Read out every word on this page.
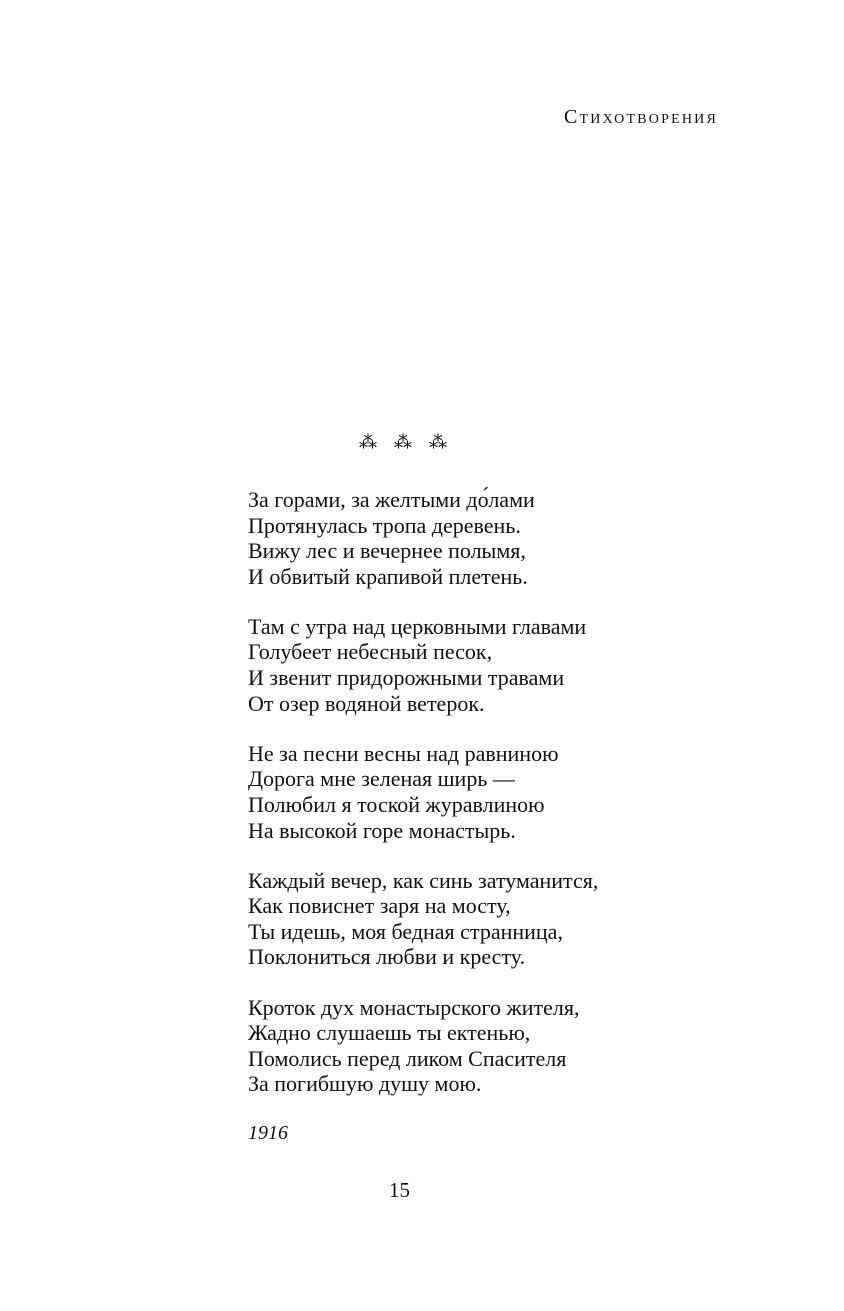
Стихотворения
⁂ ⁂ ⁂
За горами, за желтыми до́лами
Протянулась тропа деревень.
Вижу лес и вечернее полымя,
И обвитый крапивой плетень.
Там с утра над церковными главами
Голубеет небесный песок,
И звенит придорожными травами
От озер водяной ветерок.
Не за песни весны над равниною
Дорога мне зеленая ширь —
Полюбил я тоской журавлиною
На высокой горе монастырь.
Каждый вечер, как синь затуманится,
Как повиснет заря на мосту,
Ты идешь, моя бедная странница,
Поклониться любви и кресту.
Кроток дух монастырского жителя,
Жадно слушаешь ты ектенью,
Помолись перед ликом Спасителя
За погибшую душу мою.
1916
15
